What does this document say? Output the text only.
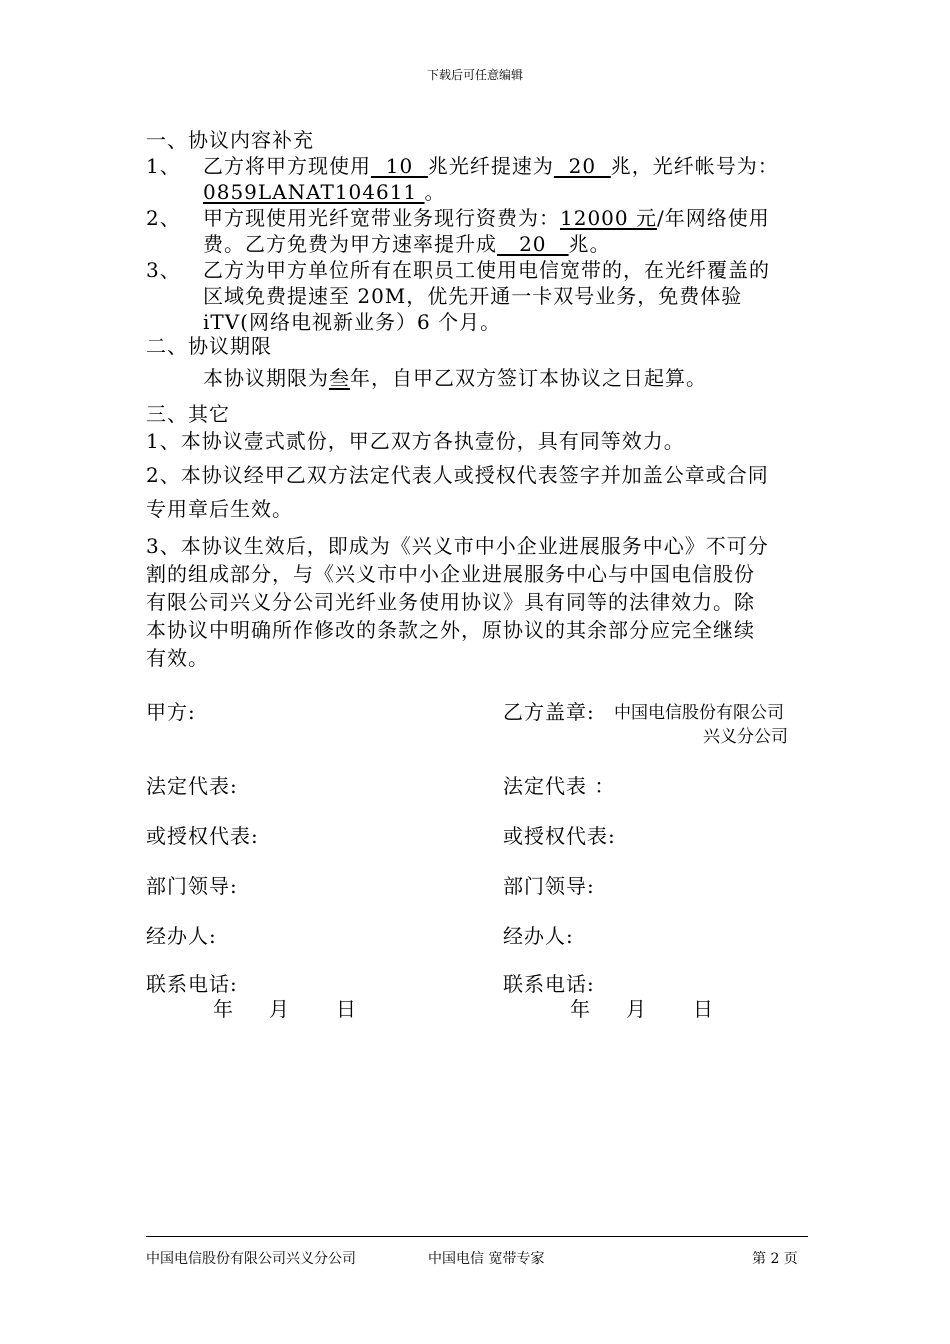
下载后可任意编辑
一、协议内容补充
1、 乙方将甲方现使用  10  兆光纤提速为  20  兆，光纤帐号为：
0859LANAT104611 。
2、 甲方现使用光纤宽带业务现行资费为：12000 元/年网络使用
费。乙方免费为甲方速率提升成   20   兆。
3、 乙方为甲方单位所有在职员工使用电信宽带的，在光纤覆盖的
区域免费提速至 20M，优先开通一卡双号业务，免费体验
iTV(网络电视新业务）6 个月。
二、协议期限
本协议期限为叁年，自甲乙双方签订本协议之日起算。
三、其它
1、本协议壹式贰份，甲乙双方各执壹份，具有同等效力。
2、本协议经甲乙双方法定代表人或授权代表签字并加盖公章或合同
专用章后生效。
3、本协议生效后，即成为《兴义市中小企业进展服务中心》不可分
割的组成部分，与《兴义市中小企业进展服务中心与中国电信股份
有限公司兴义分公司光纤业务使用协议》具有同等的法律效力。除
本协议中明确所作修改的条款之外，原协议的其余部分应完全继续
有效。
甲方:	乙方盖章: 中国电信股份有限公司
兴义分公司
法定代表:	法定代表 ：
或授权代表:	或授权代表:
部门领导:	部门领导:
经办人:	经办人:
联系电话:	联系电话:
年 月 日	年 月 日
中国电信股份有限公司兴义分公司	中国电信 宽带专家	第 2 页
